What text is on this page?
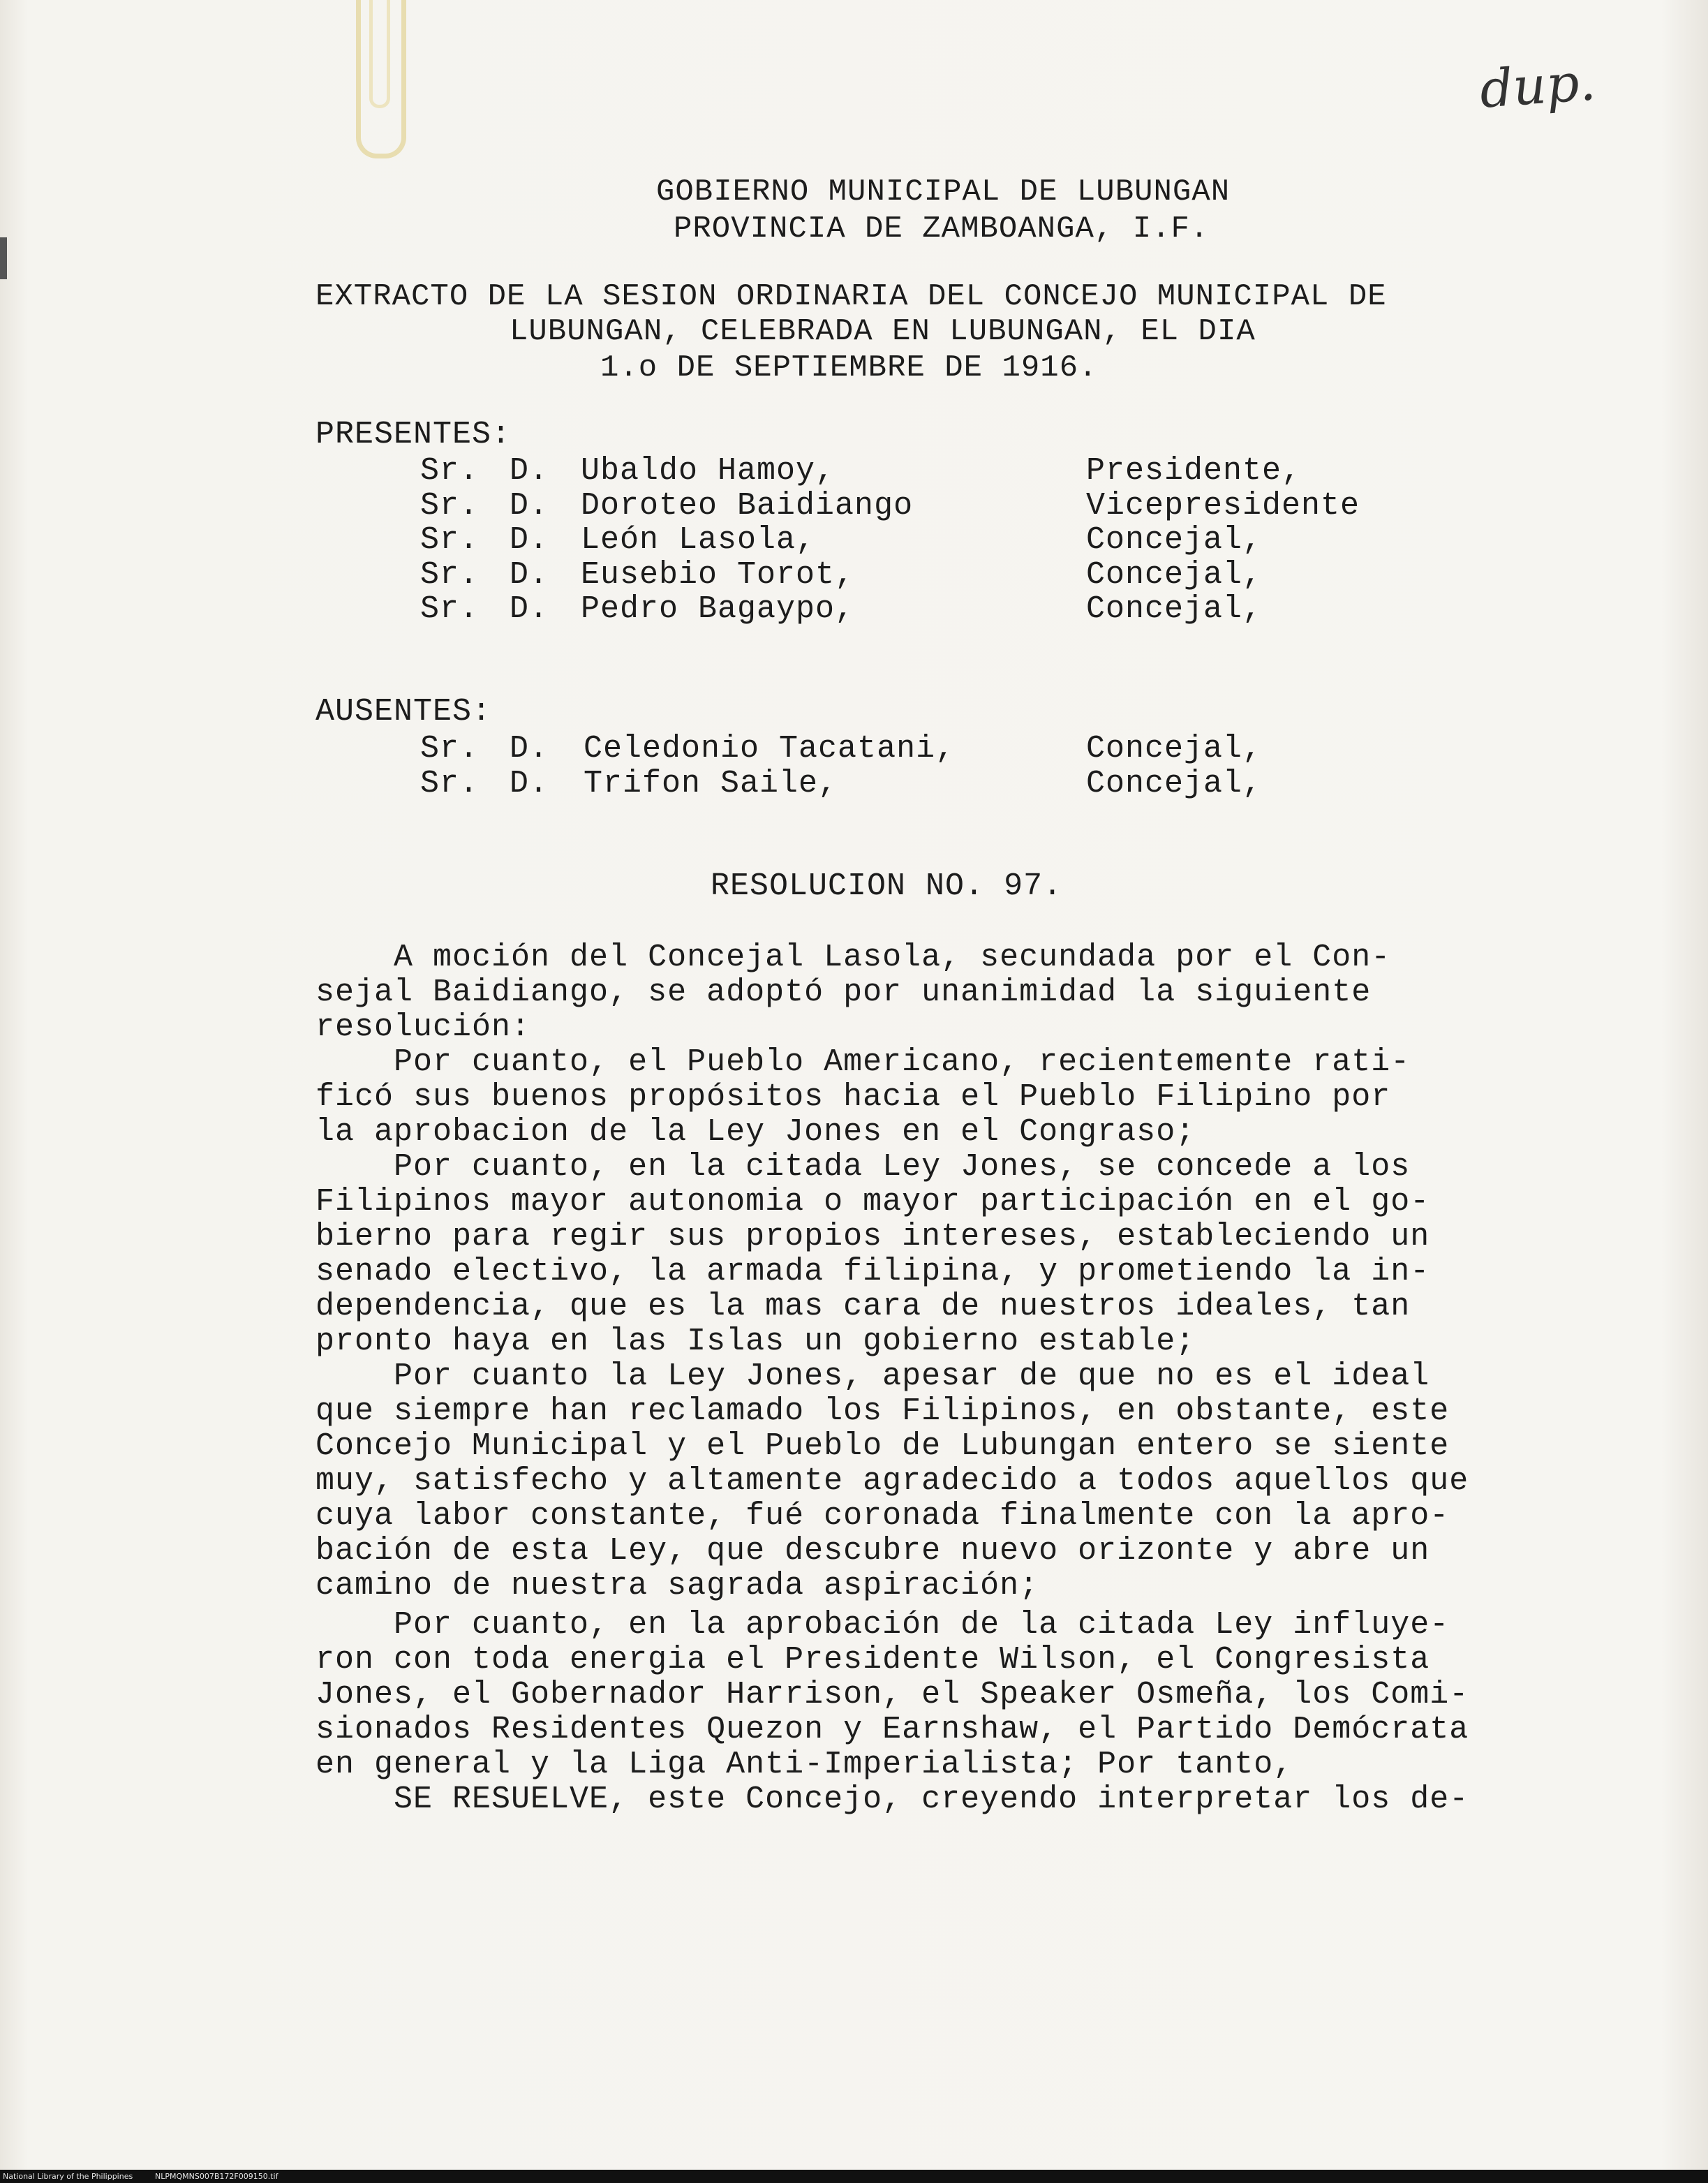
dup.
GOBIERNO MUNICIPAL DE LUBUNGAN
PROVINCIA DE ZAMBOANGA, I.F.
EXTRACTO DE LA SESION ORDINARIA DEL CONCEJO MUNICIPAL DE
LUBUNGAN, CELEBRADA EN LUBUNGAN, EL DIA
1.o DE SEPTIEMBRE DE 1916.
PRESENTES:
Sr. D. Ubaldo Hamoy,	Presidente,
Sr. D. Doroteo Baidiango	Vicepresidente
Sr. D. León Lasola,	Concejal,
Sr. D. Eusebio Torot,	Concejal,
Sr. D. Pedro Bagaypo,	Concejal,
AUSENTES:
Sr. D. Celedonio Tacatani,	Concejal,
Sr. D. Trifon Saile,	Concejal,
RESOLUCION NO. 97.
A moción del Concejal Lasola, secundada por el Con-
sejal Baidiango, se adoptó por unanimidad la siguiente
resolución:
Por cuanto, el Pueblo Americano, recientemente rati-
ficó sus buenos propósitos hacia el Pueblo Filipino por
la aprobacion de la Ley Jones en el Congraso;
Por cuanto, en la citada Ley Jones, se concede a los
Filipinos mayor autonomia o mayor participación en el go-
bierno para regir sus propios intereses, estableciendo un
senado electivo, la armada filipina, y prometiendo la in-
dependencia, que es la mas cara de nuestros ideales, tan
pronto haya en las Islas un gobierno estable;
Por cuanto la Ley Jones, apesar de que no es el ideal
que siempre han reclamado los Filipinos, en obstante, este
Concejo Municipal y el Pueblo de Lubungan entero se siente
muy, satisfecho y altamente agradecido a todos aquellos que
cuya labor constante, fué coronada finalmente con la apro-
bación de esta Ley, que descubre nuevo orizonte y abre un
camino de nuestra sagrada aspiración;
Por cuanto, en la aprobación de la citada Ley influye-
ron con toda energia el Presidente Wilson, el Congresista
Jones, el Gobernador Harrison, el Speaker Osmeña, los Comi-
sionados Residentes Quezon y Earnshaw, el Partido Demócrata
en general y la Liga Anti-Imperialista; Por tanto,
SE RESUELVE, este Concejo, creyendo interpretar los de-
National Library of the Philippines	NLPMQMNS007B172F009150.tif
